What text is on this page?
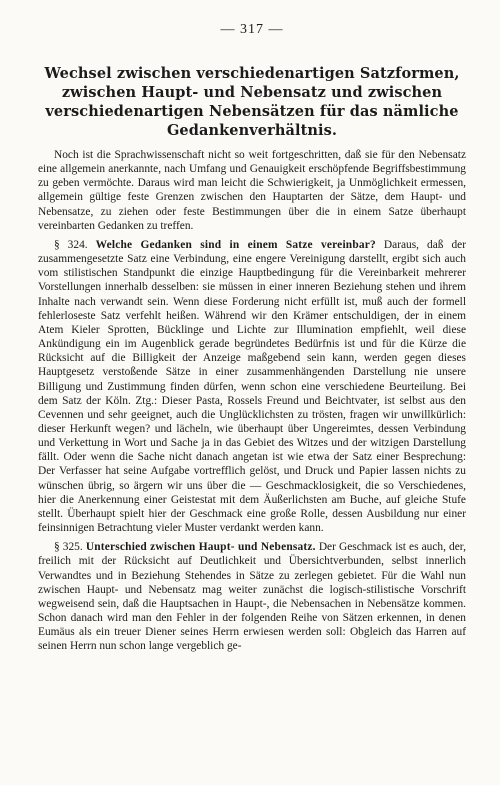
— 317 —
Wechsel zwischen verschiedenartigen Satzformen, zwischen Haupt- und Nebensatz und zwischen verschiedenartigen Nebensätzen für das nämliche Gedankenverhältnis.

Noch ist die Sprachwissenschaft nicht so weit fortgeschritten, daß sie für den Nebensatz eine allgemein anerkannte, nach Umfang und Genauigkeit erschöpfende Begriffsbestimmung zu geben vermöchte. Daraus wird man leicht die Schwierigkeit, ja Unmöglichkeit ermessen, allgemein gültige feste Grenzen zwischen den Hauptarten der Sätze, dem Haupt- und Nebensatze, zu ziehen oder feste Bestimmungen über die in einem Satze überhaupt vereinbarten Gedanken zu treffen.

§ 324. Welche Gedanken sind in einem Satze vereinbar? Daraus, daß der zusammengesetzte Satz eine Verbindung, eine engere Vereinigung darstellt, ergibt sich auch vom stilistischen Standpunkt die einzige Hauptbedingung für die Vereinbarkeit mehrerer Vorstellungen innerhalb desselben: sie müssen in einer inneren Beziehung stehen und ihrem Inhalte nach verwandt sein. Wenn diese Forderung nicht erfüllt ist, muß auch der formell fehlerloseste Satz verfehlt heißen. Während wir den Krämer entschuldigen, der in einem Atem Kieler Sprotten, Bücklinge und Lichte zur Illumination empfiehlt, weil diese Ankündigung ein im Augenblick gerade begründetes Bedürfnis ist und für die Kürze die Rücksicht auf die Billigkeit der Anzeige maßgebend sein kann, werden gegen dieses Hauptgesetz verstoßende Sätze in einer zusammenhängenden Darstellung nie unsere Billigung und Zustimmung finden dürfen, wenn schon eine verschiedene Beurteilung. Bei dem Satz der Köln. Ztg.: Dieser Pasta, Rossels Freund und Beichtvater, ist selbst aus den Cevennen und sehr geeignet, auch die Unglücklichsten zu trösten, fragen wir unwillkürlich: dieser Herkunft wegen? und lächeln, wie überhaupt über Ungereimtes, dessen Verbindung und Verkettung in Wort und Sache ja in das Gebiet des Witzes und der witzigen Darstellung fällt. Oder wenn die Sache nicht danach angetan ist wie etwa der Satz einer Besprechung: Der Verfasser hat seine Aufgabe vortrefflich gelöst, und Druck und Papier lassen nichts zu wünschen übrig, so ärgern wir uns über die — Geschmacklosigkeit, die so Verschiedenes, hier die Anerkennung einer Geistestat mit dem Äußerlichsten am Buche, auf gleiche Stufe stellt. Überhaupt spielt hier der Geschmack eine große Rolle, dessen Ausbildung nur einer feinsinnigen Betrachtung vieler Muster verdankt werden kann.

§ 325. Unterschied zwischen Haupt- und Nebensatz. Der Geschmack ist es auch, der, freilich mit der Rücksicht auf Deutlichkeit und Übersichtverbunden, selbst innerlich Verwandtes und in Beziehung Stehendes in Sätze zu zerlegen gebietet. Für die Wahl nun zwischen Haupt- und Nebensatz mag weiter zunächst die logisch-stilistische Vorschrift wegweisend sein, daß die Hauptsachen in Haupt-, die Nebensachen in Nebensätze kommen. Schon danach wird man den Fehler in der folgenden Reihe von Sätzen erkennen, in denen Eumäus als ein treuer Diener seines Herrn erwiesen werden soll: Obgleich das Harren auf seinen Herrn nun schon lange vergeblich ge-
